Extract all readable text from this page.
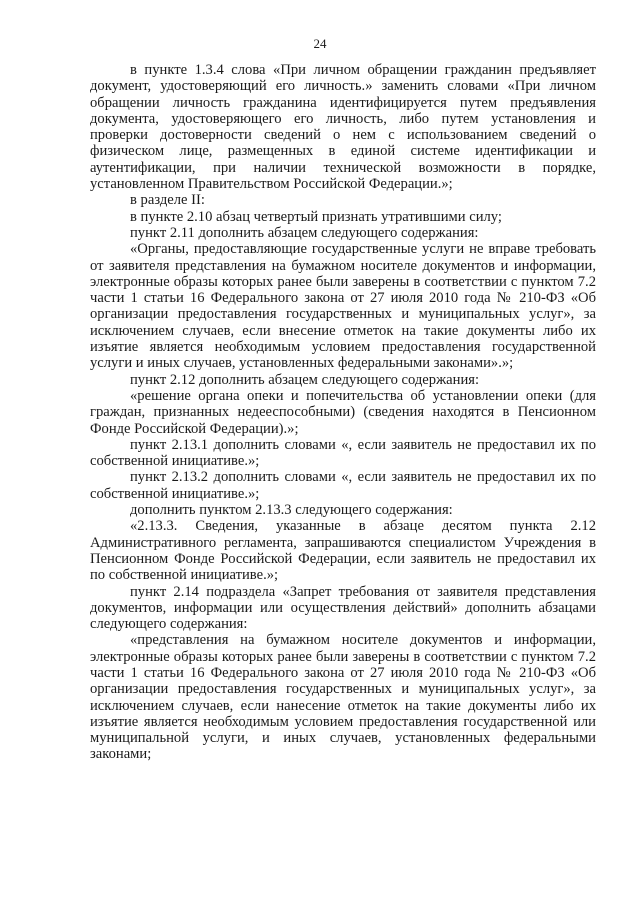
24

в пункте 1.3.4 слова «При личном обращении гражданин предъявляет документ, удостоверяющий его личность.» заменить словами «При личном обращении личность гражданина идентифицируется путем предъявления документа, удостоверяющего его личность, либо путем установления и проверки достоверности сведений о нем с использованием сведений о физическом лице, размещенных в единой системе идентификации и аутентификации, при наличии технической возможности в порядке, установленном Правительством Российской Федерации.»;

в разделе II:

в пункте 2.10 абзац четвертый признать утратившими силу;

пункт 2.11 дополнить абзацем следующего содержания:

«Органы, предоставляющие государственные услуги не вправе требовать от заявителя представления на бумажном носителе документов и информации, электронные образы которых ранее были заверены в соответствии с пунктом 7.2 части 1 статьи 16 Федерального закона от 27 июля 2010 года № 210-ФЗ «Об организации предоставления государственных и муниципальных услуг», за исключением случаев, если внесение отметок на такие документы либо их изъятие является необходимым условием предоставления государственной услуги и иных случаев, установленных федеральными законами».»;

пункт 2.12 дополнить абзацем следующего содержания:

«решение органа опеки и попечительства об установлении опеки (для граждан, признанных недееспособными) (сведения находятся в Пенсионном Фонде Российской Федерации).»;

пункт 2.13.1 дополнить словами «, если заявитель не предоставил их по собственной инициативе.»;

пункт 2.13.2 дополнить словами «, если заявитель не предоставил их по собственной инициативе.»;

дополнить пунктом 2.13.3 следующего содержания:

«2.13.3. Сведения, указанные в абзаце десятом пункта 2.12 Административного регламента, запрашиваются специалистом Учреждения в Пенсионном Фонде Российской Федерации, если заявитель не предоставил их по собственной инициативе.»;

пункт 2.14 подраздела «Запрет требования от заявителя представления документов, информации или осуществления действий» дополнить абзацами следующего содержания:

«представления на бумажном носителе документов и информации, электронные образы которых ранее были заверены в соответствии с пунктом 7.2 части 1 статьи 16 Федерального закона от 27 июля 2010 года № 210-ФЗ «Об организации предоставления государственных и муниципальных услуг», за исключением случаев, если нанесение отметок на такие документы либо их изъятие является необходимым условием предоставления государственной или муниципальной услуги, и иных случаев, установленных федеральными законами;
